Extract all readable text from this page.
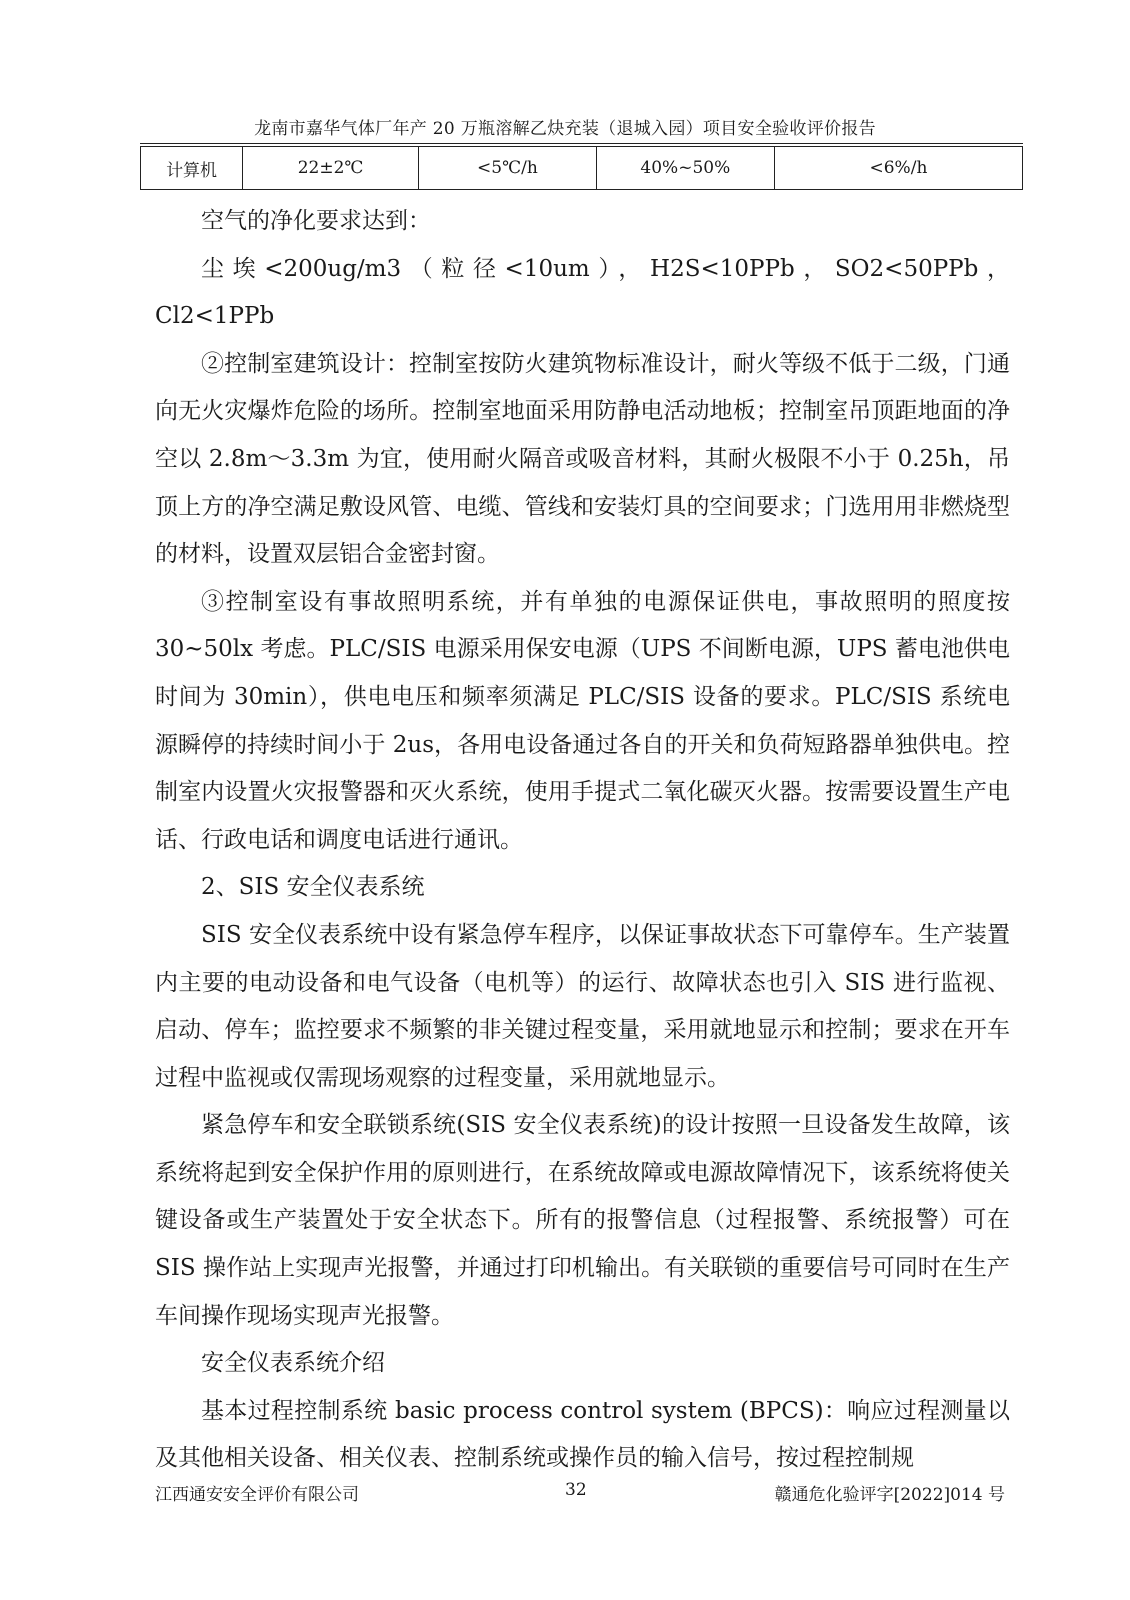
龙南市嘉华气体厂年产 20 万瓶溶解乙炔充装（退城入园）项目安全验收评价报告
计算机	22±2℃	<5℃/h	40%~50%	<6%/h

空气的净化要求达到：

尘埃<200ug/m3（粒径<10um），H2S<10PPb，SO2<50PPb，Cl2<1PPb

②控制室建筑设计：控制室按防火建筑物标准设计，耐火等级不低于二级，门通向无火灾爆炸危险的场所。控制室地面采用防静电活动地板；控制室吊顶距地面的净空以 2.8m～3.3m 为宜，使用耐火隔音或吸音材料，其耐火极限不小于 0.25h，吊顶上方的净空满足敷设风管、电缆、管线和安装灯具的空间要求；门选用用非燃烧型的材料，设置双层铝合金密封窗。

③控制室设有事故照明系统，并有单独的电源保证供电，事故照明的照度按 30~50lx 考虑。PLC/SIS 电源采用保安电源（UPS 不间断电源，UPS 蓄电池供电时间为 30min），供电电压和频率须满足 PLC/SIS 设备的要求。PLC/SIS 系统电源瞬停的持续时间小于 2us，各用电设备通过各自的开关和负荷短路器单独供电。控制室内设置火灾报警器和灭火系统，使用手提式二氧化碳灭火器。按需要设置生产电话、行政电话和调度电话进行通讯。

2、SIS 安全仪表系统

SIS 安全仪表系统中设有紧急停车程序，以保证事故状态下可靠停车。生产装置内主要的电动设备和电气设备（电机等）的运行、故障状态也引入 SIS 进行监视、启动、停车；监控要求不频繁的非关键过程变量，采用就地显示和控制；要求在开车过程中监视或仅需现场观察的过程变量，采用就地显示。

紧急停车和安全联锁系统(SIS 安全仪表系统)的设计按照一旦设备发生故障，该系统将起到安全保护作用的原则进行，在系统故障或电源故障情况下，该系统将使关键设备或生产装置处于安全状态下。所有的报警信息（过程报警、系统报警）可在 SIS 操作站上实现声光报警，并通过打印机输出。有关联锁的重要信号可同时在生产车间操作现场实现声光报警。

安全仪表系统介绍

基本过程控制系统 basic process control system (BPCS)：响应过程测量以及其他相关设备、相关仪表、控制系统或操作员的输入信号，按过程控制规

江西通安安全评价有限公司	32	赣通危化验评字[2022]014 号
